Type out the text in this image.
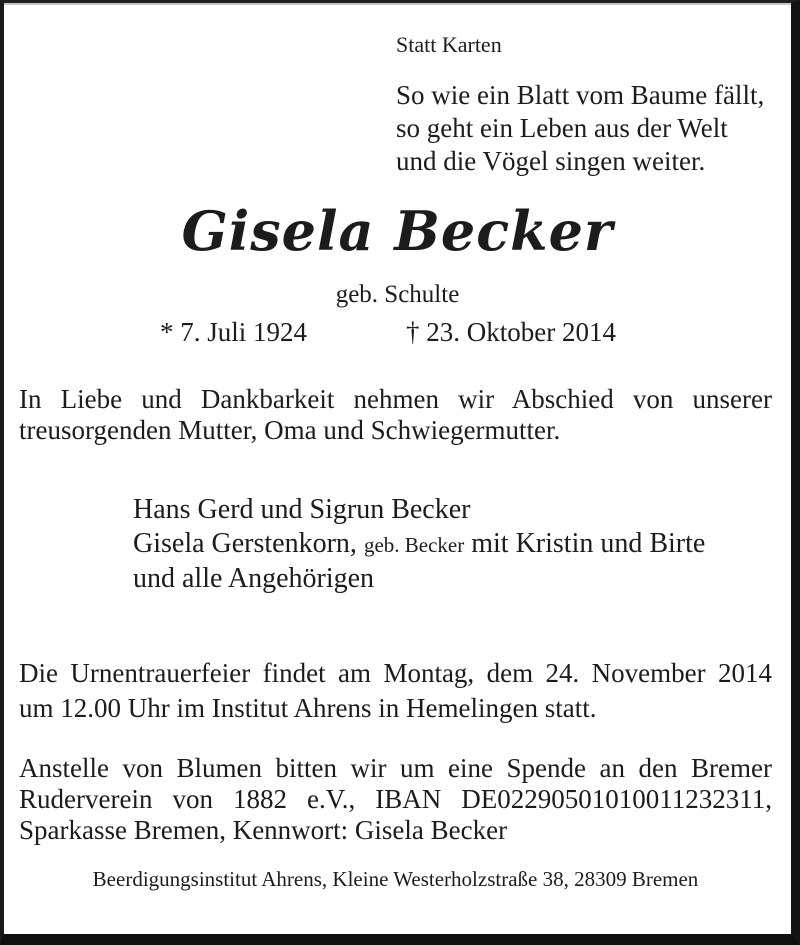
Statt Karten
So wie ein Blatt vom Baume fällt,
so geht ein Leben aus der Welt
und die Vögel singen weiter.
Gisela Becker
geb. Schulte
* 7. Juli 1924	† 23. Oktober 2014
In Liebe und Dankbarkeit nehmen wir Abschied von unserer
treusorgenden Mutter, Oma und Schwiegermutter.
Hans Gerd und Sigrun Becker
Gisela Gerstenkorn, geb. Becker mit Kristin und Birte
und alle Angehörigen
Die Urnentrauerfeier findet am Montag, dem 24. November 2014
um 12.00 Uhr im Institut Ahrens in Hemelingen statt.
Anstelle von Blumen bitten wir um eine Spende an den Bremer
Ruderverein von 1882 e.V., IBAN DE02290501010011232311,
Sparkasse Bremen, Kennwort: Gisela Becker
Beerdigungsinstitut Ahrens, Kleine Westerholzstraße 38, 28309 Bremen
